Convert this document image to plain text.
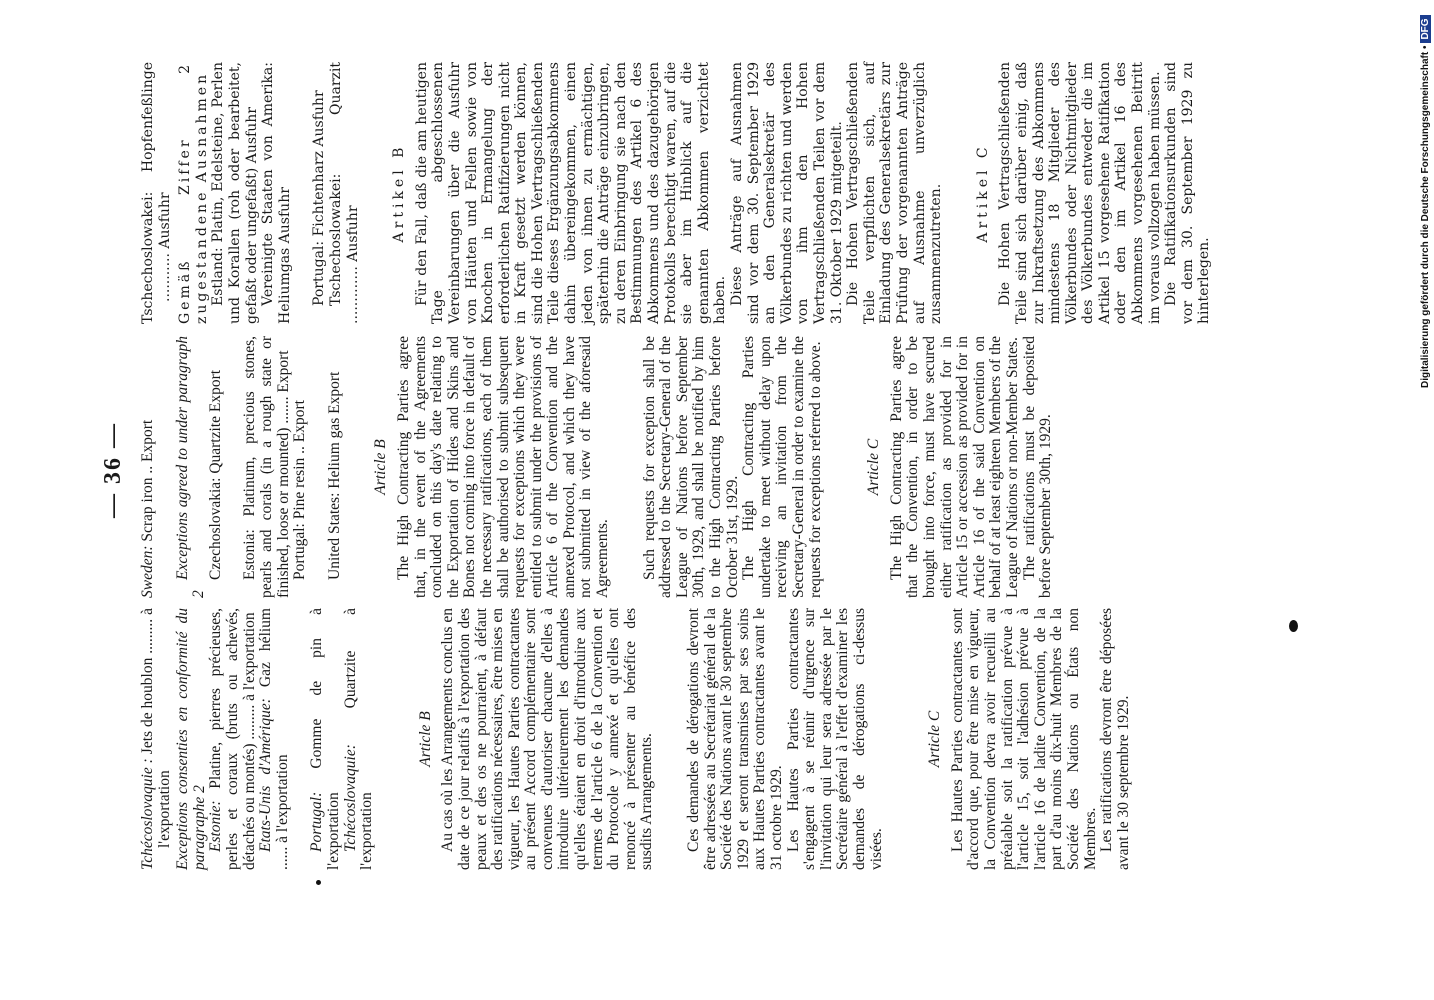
— 36 —

Tchécoslovaquie : Jets de houblon ......... à l'exportation Exceptions consenties en conformité du paragraphe 2 Estonie: Platine, pierres précieuses, perles et coraux (bruts ou achevés, détachés ou montés) ......... à l'exportation Etats-Unis d'Amérique: Gaz hélium ...... à l'exportation Portugal: Gomme de pin à l'exportation Tchécoslovaquie: Quartzite à l'exportation

Article B Au cas où les Arrangements conclus en date de ce jour relatifs à l'exportation des peaux et des os ne pourraient, à défaut des ratifications nécessaires, être mises en vigueur, les Hautes Parties contractantes au présent Accord complémentaire sont convenues d'autoriser chacune d'elles à introduire ultérieurement les demandes qu'elles étaient en droit d'introduire aux termes de l'article 6 de la Convention et du Protocole y annexé et qu'elles ont renoncé à présenter au bénéfice des susdits Arrangements. Ces demandes de dérogations devront être adressées au Secrétariat général de la Société des Nations avant le 30 septembre 1929 et seront transmises par ses soins aux Hautes Parties contractantes avant le 31 octobre 1929. Les Hautes Parties contractantes s'engagent à se réunir d'urgence sur l'invitation qui leur sera adressée par le Secrétaire général à l'effet d'examiner les demandes de dérogations ci-dessus visées.

Article C Les Hautes Parties contractantes sont d'accord que, pour être mise en vigueur, la Convention devra avoir recueilli au préalable soit la ratification prévue à l'article 15, soit l'adhésion prévue à l'article 16 de ladite Convention, de la part d'au moins dix-huit Membres de la Société des Nations ou États non Membres. Les ratifications devront être déposées avant le 30 septembre 1929.

Sweden: Scrap iron .. Export Exceptions agreed to under paragraph 2

Czechoslovakia: Quartzite Export Estonia: Platinum, precious stones, pearls and corals (in a rough state or finished, loose or mounted) ....... Export Portugal: Pine resin .. Export United States: Helium gas Export Article B The High Contracting Parties agree that, in the event of the Agreements concluded on this day's date relating to the Exportation of Hides and Skins and Bones not coming into force in default of the necessary ratifications, each of them shall be authorised to submit subsequent requests for exceptions which they were entitled to submit under the provisions of Article 6 of the Convention and the annexed Protocol, and which they have not submitted in view of the aforesaid Agreements. Such requests for exception shall be addressed to the Secretary-General of the League of Nations before September 30th, 1929, and shall be notified by him to the High Contracting Parties before October 31st, 1929. The High Contracting Parties undertake to meet without delay upon receiving an invitation from the Secretary-General in order to examine the requests for exceptions referred to above.	Article C The High Contracting Parties agree that the Convention, in order to be brought into force, must have secured either ratification as provided for in Article 15 or accession as provided for in Article 16 of the said Convention on behalf of at least eighteen Members of the League of Nations or non-Member States. The ratifications must be deposited before September 30th, 1929.

Tschechoslowakei: Hopfenfeßlinge ........... Ausfuhr Gemäß Ziffer 2 zugestandene Ausnahmen Estland: Platin, Edelsteine, Perlen und Korallen (roh oder bearbeitet, gefaßt oder ungefaßt) Ausfuhr Vereinigte Staaten von Amerika: Heliumgas Ausfuhr Portugal: Fichtenharz Ausfuhr Tschechoslowakei: Quarzit ............. Ausfuhr

Artikel B Für den Fall, daß die am heutigen Tage abgeschlossenen Vereinbarungen über die Ausfuhr von Häuten und Fellen sowie von Knochen in Ermangelung der erforderlichen Ratifizierungen nicht in Kraft gesetzt werden können, sind die Hohen Vertragschließenden Teile dieses Ergänzungsabkommens dahin übereingekommen, einen jeden von ihnen zu ermächtigen, späterhin die Anträge einzubringen, zu deren Einbringung sie nach den Bestimmungen des Artikel 6 des Abkommens und des dazugehörigen Protokolls berechtigt waren, auf die sie aber im Hinblick auf die genannten Abkommen verzichtet haben. Diese Anträge auf Ausnahmen sind vor dem 30. September 1929 an den Generalsekretär des Völkerbundes zu richten und werden von ihm den Hohen Vertragschließenden Teilen vor dem 31. Oktober 1929 mitgeteilt. Die Hohen Vertragschließenden Teile verpflichten sich, auf Einladung des Generalsekretärs zur Prüfung der vorgenannten Anträge auf Ausnahme unverzüglich zusammenzutreten. Artikel C Die Hohen Vertragschließenden Teile sind sich darüber einig, daß zur Inkraftsetzung des Abkommens mindestens 18 Mitglieder des Völkerbundes oder Nichtmitglieder des Völkerbundes entweder die im Artikel 15 vorgesehene Ratifikation oder den im Artikel 16 des Abkommens vorgesehenen Beitritt im voraus vollzogen haben müssen. Die Ratifikationsurkunden sind vor dem 30. September 1929 zu hinterlegen.	Digitalisierung gefördert durch die Deutsche Forschungsgemeinschaft •DFG
